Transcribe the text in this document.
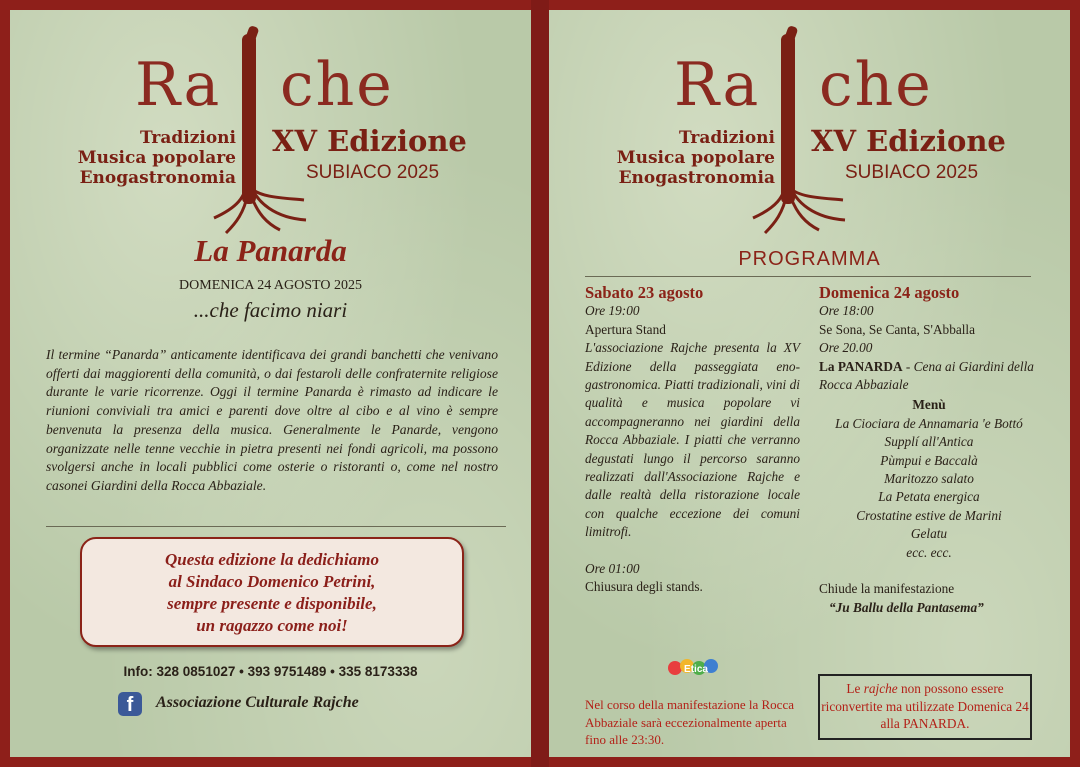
Ra che
Tradizioni
Musica popolare
Enogastronomia
XV Edizione
SUBIACO 2025
La Panarda
DOMENICA 24 AGOSTO 2025
...che facimo niari
Il termine “Panarda” anticamente identificava dei grandi banchetti che venivano offerti dai maggiorenti della comunità, o dai festaroli delle confraternite religiose durante le varie ricorrenze. Oggi il termine Panarda è rimasto ad indicare le riunioni conviviali tra amici e parenti dove oltre al cibo e al vino è sempre benvenuta la presenza della musica. Generalmente le Panarde, vengono organizzate nelle tenne vecchie in pietra presenti nei fondi agricoli, ma possono svolgersi anche in locali pubblici come osterie o ristoranti o, come nel nostro casonei Giardini della Rocca Abbaziale.
Questa edizione la dedichiamo
al Sindaco Domenico Petrini,
sempre presente e disponibile,
un ragazzo come noi!
Info: 328 0851027 • 393 9751489 • 335 8173338
f	Associazione Culturale Rajche
Ra che
Tradizioni
Musica popolare
Enogastronomia
XV Edizione
SUBIACO 2025
PROGRAMMA
Sabato 23 agosto
Ore 19:00
Apertura Stand
L'associazione Rajche presenta la XV Edizione della passeggiata eno-gastronomica. Piatti tradizionali, vini di qualità e musica popolare vi accompagneranno nei giardini della Rocca Abbaziale. I piatti che verranno degustati lungo il percorso saranno realizzati dall'Associazione Rajche e dalle realtà della ristorazione locale con qualche eccezione dei comuni limitrofi.
Ore 01:00
Chiusura degli stands.
Domenica 24 agosto
Ore 18:00
Se Sona, Se Canta, S'Abballa
Ore 20.00
La PANARDA - Cena ai Giardini della Rocca Abbaziale
Menù
La Ciociara de Annamaria 'e Bottó
Supplí all'Antica
Pùmpui e Baccalà
Maritozzo salato
La Petata energica
Crostatine estive de Marini
Gelatu
ecc. ecc.
Chiude la manifestazione
“Ju Ballu della Pantasema”
Etica
Nel corso della manifestazione la Rocca Abbaziale sarà eccezionalmente aperta fino alle 23:30.
Le rajche non possono essere riconvertite ma utilizzate Domenica 24 alla PANARDA.
